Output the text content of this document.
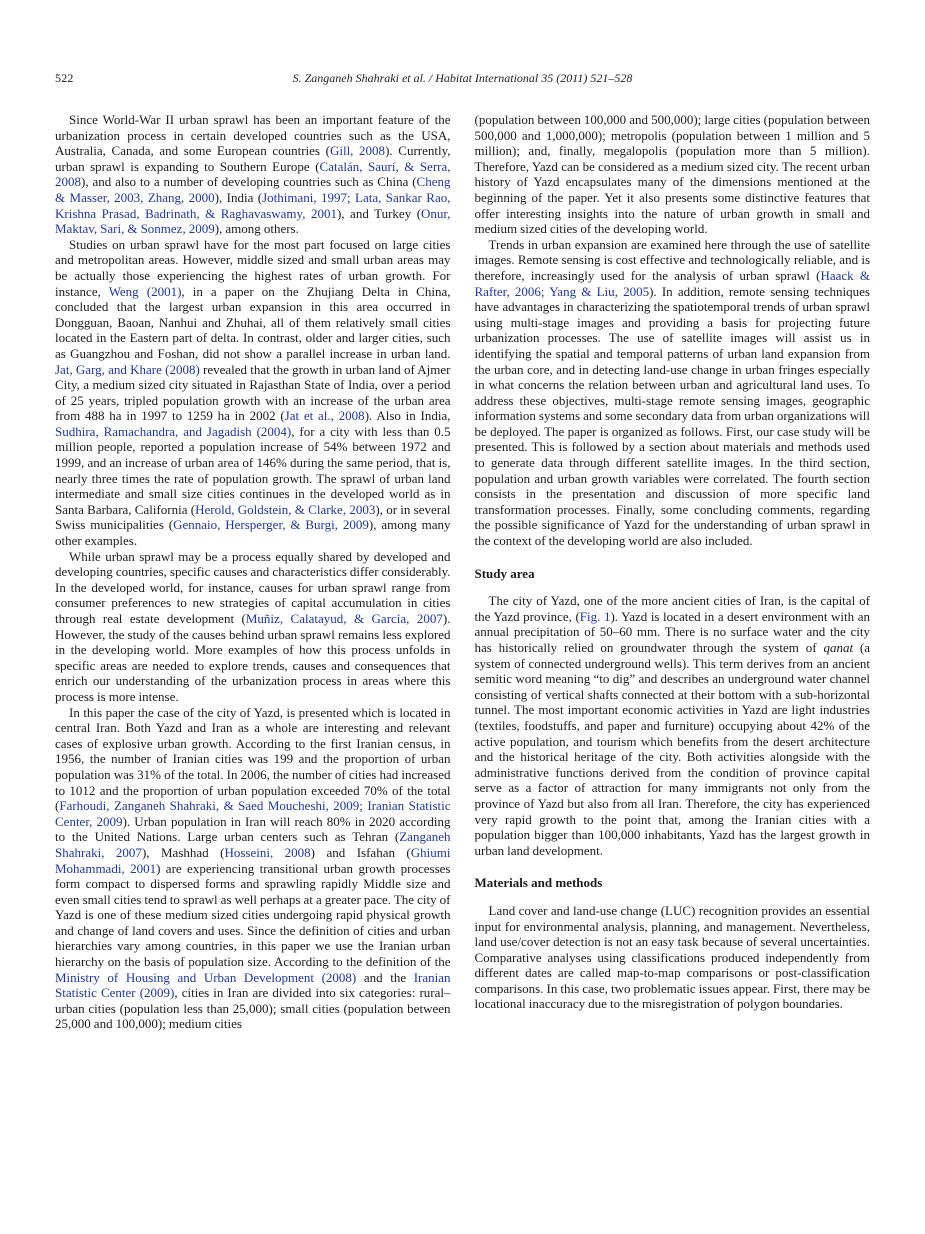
S. Zanganeh Shahraki et al. / Habitat International 35 (2011) 521–528
522

Since World-War II urban sprawl has been an important feature of the urbanization process in certain developed countries such as the USA, Australia, Canada, and some European countries (Gill, 2008). Currently, urban sprawl is expanding to Southern Europe (Catalán, Saurí, & Serra, 2008), and also to a number of developing countries such as China (Cheng & Masser, 2003, Zhang, 2000), India (Jothimani, 1997; Lata, Sankar Rao, Krishna Prasad, Badrinath, & Raghavaswamy, 2001), and Turkey (Onur, Maktav, Sari, & Sonmez, 2009), among others.

Studies on urban sprawl have for the most part focused on large cities and metropolitan areas. However, middle sized and small urban areas may be actually those experiencing the highest rates of urban growth. For instance, Weng (2001), in a paper on the Zhujiang Delta in China, concluded that the largest urban expansion in this area occurred in Dongguan, Baoan, Nanhui and Zhuhai, all of them relatively small cities located in the Eastern part of delta. In contrast, older and larger cities, such as Guangzhou and Foshan, did not show a parallel increase in urban land. Jat, Garg, and Khare (2008) revealed that the growth in urban land of Ajmer City, a medium sized city situated in Rajasthan State of India, over a period of 25 years, tripled population growth with an increase of the urban area from 488 ha in 1997 to 1259 ha in 2002 (Jat et al., 2008). Also in India, Sudhira, Ramachandra, and Jagadish (2004), for a city with less than 0.5 million people, reported a population increase of 54% between 1972 and 1999, and an increase of urban area of 146% during the same period, that is, nearly three times the rate of population growth. The sprawl of urban land intermediate and small size cities continues in the developed world as in Santa Barbara, California (Herold, Goldstein, & Clarke, 2003), or in several Swiss municipalities (Gennaio, Hersperger, & Burgi, 2009), among many other examples.

While urban sprawl may be a process equally shared by developed and developing countries, specific causes and characteristics differ considerably. In the developed world, for instance, causes for urban sprawl range from consumer preferences to new strategies of capital accumulation in cities through real estate development (Muñiz, Calatayud, & García, 2007). However, the study of the causes behind urban sprawl remains less explored in the developing world. More examples of how this process unfolds in specific areas are needed to explore trends, causes and consequences that enrich our understanding of the urbanization process in areas where this process is more intense.

In this paper the case of the city of Yazd, is presented which is located in central Iran. Both Yazd and Iran as a whole are interesting and relevant cases of explosive urban growth. According to the first Iranian census, in 1956, the number of Iranian cities was 199 and the proportion of urban population was 31% of the total. In 2006, the number of cities had increased to 1012 and the proportion of urban population exceeded 70% of the total (Farhoudi, Zanganeh Shahraki, & Saed Moucheshi, 2009; Iranian Statistic Center, 2009). Urban population in Iran will reach 80% in 2020 according to the United Nations. Large urban centers such as Tehran (Zanganeh Shahraki, 2007), Mashhad (Hosseini, 2008) and Isfahan (Ghiumi Mohammadi, 2001) are experiencing transitional urban growth processes form compact to dispersed forms and sprawling rapidly Middle size and even small cities tend to sprawl as well perhaps at a greater pace. The city of Yazd is one of these medium sized cities undergoing rapid physical growth and change of land covers and uses. Since the definition of cities and urban hierarchies vary among countries, in this paper we use the Iranian urban hierarchy on the basis of population size. According to the definition of the Ministry of Housing and Urban Development (2008) and the Iranian Statistic Center (2009), cities in Iran are divided into six categories: rural–urban cities (population less than 25,000); small cities (population between 25,000 and 100,000); medium cities

(population between 100,000 and 500,000); large cities (population between 500,000 and 1,000,000); metropolis (population between 1 million and 5 million); and, finally, megalopolis (population more than 5 million). Therefore, Yazd can be considered as a medium sized city. The recent urban history of Yazd encapsulates many of the dimensions mentioned at the beginning of the paper. Yet it also presents some distinctive features that offer interesting insights into the nature of urban growth in small and medium sized cities of the developing world.

Trends in urban expansion are examined here through the use of satellite images. Remote sensing is cost effective and technologically reliable, and is therefore, increasingly used for the analysis of urban sprawl (Haack & Rafter, 2006; Yang & Liu, 2005). In addition, remote sensing techniques have advantages in characterizing the spatiotemporal trends of urban sprawl using multi-stage images and providing a basis for projecting future urbanization processes. The use of satellite images will assist us in identifying the spatial and temporal patterns of urban land expansion from the urban core, and in detecting land-use change in urban fringes especially in what concerns the relation between urban and agricultural land uses. To address these objectives, multi-stage remote sensing images, geographic information systems and some secondary data from urban organizations will be deployed. The paper is organized as follows. First, our case study will be presented. This is followed by a section about materials and methods used to generate data through different satellite images. In the third section, population and urban growth variables were correlated. The fourth section consists in the presentation and discussion of more specific land transformation processes. Finally, some concluding comments, regarding the possible significance of Yazd for the understanding of urban sprawl in the context of the developing world are also included.

Study area

The city of Yazd, one of the more ancient cities of Iran, is the capital of the Yazd province, (Fig. 1). Yazd is located in a desert environment with an annual precipitation of 50–60 mm. There is no surface water and the city has historically relied on groundwater through the system of qanat (a system of connected underground wells). This term derives from an ancient semitic word meaning “to dig” and describes an underground water channel consisting of vertical shafts connected at their bottom with a sub-horizontal tunnel. The most important economic activities in Yazd are light industries (textiles, foodstuffs, and paper and furniture) occupying about 42% of the active population, and tourism which benefits from the desert architecture and the historical heritage of the city. Both activities alongside with the administrative functions derived from the condition of province capital serve as a factor of attraction for many immigrants not only from the province of Yazd but also from all Iran. Therefore, the city has experienced very rapid growth to the point that, among the Iranian cities with a population bigger than 100,000 inhabitants, Yazd has the largest growth in urban land development.

Materials and methods

Land cover and land-use change (LUC) recognition provides an essential input for environmental analysis, planning, and management. Nevertheless, land use/cover detection is not an easy task because of several uncertainties. Comparative analyses using classifications produced independently from different dates are called map-to-map comparisons or post-classification comparisons. In this case, two problematic issues appear. First, there may be locational inaccuracy due to the misregistration of polygon boundaries.
